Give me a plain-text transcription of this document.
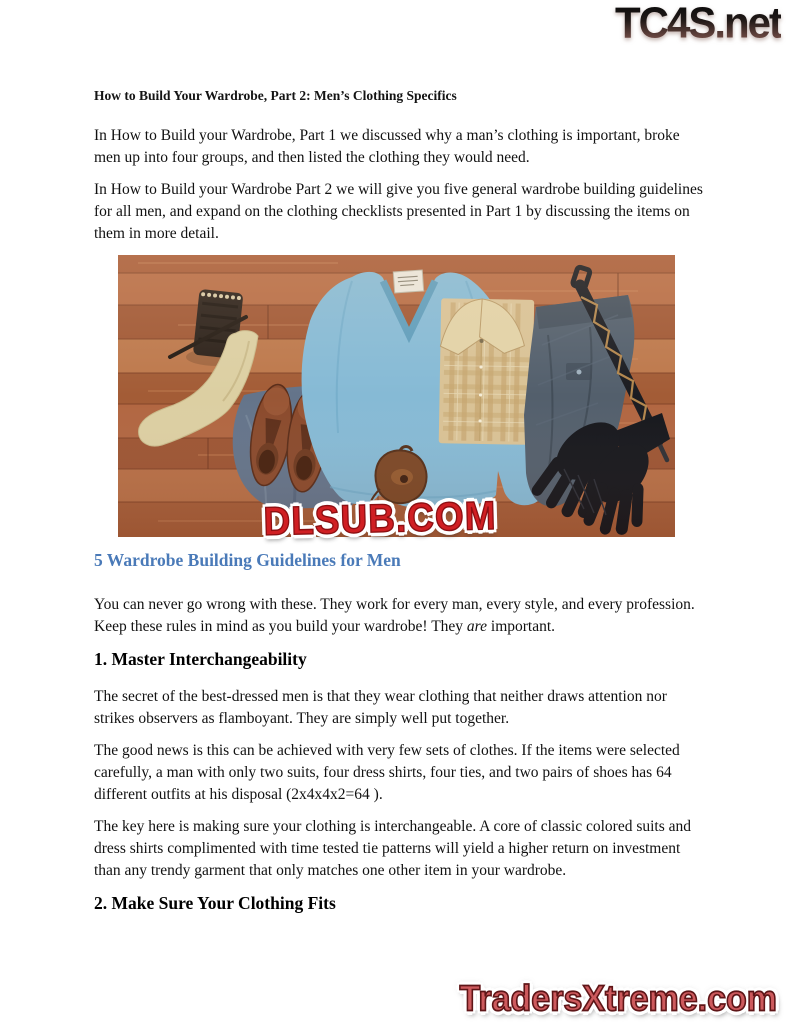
TC4S.net
How to Build Your Wardrobe, Part 2: Men’s Clothing Specifics

In How to Build your Wardrobe, Part 1 we discussed why a man’s clothing is important, broke men up into four groups, and then listed the clothing they would need.

In How to Build your Wardrobe Part 2 we will give you five general wardrobe building guidelines for all men, and expand on the clothing checklists presented in Part 1 by discussing the items on them in more detail.

DLSUB.COM
5 Wardrobe Building Guidelines for Men

You can never go wrong with these. They work for every man, every style, and every profession. Keep these rules in mind as you build your wardrobe! They are important.

1. Master Interchangeability

The secret of the best-dressed men is that they wear clothing that neither draws attention nor strikes observers as flamboyant. They are simply well put together.

The good news is this can be achieved with very few sets of clothes. If the items were selected carefully, a man with only two suits, four dress shirts, four ties, and two pairs of shoes has 64 different outfits at his disposal (2x4x4x2=64 ).

The key here is making sure your clothing is interchangeable. A core of classic colored suits and dress shirts complimented with time tested tie patterns will yield a higher return on investment than any trendy garment that only matches one other item in your wardrobe.

2. Make Sure Your Clothing Fits
TradersXtreme.com
